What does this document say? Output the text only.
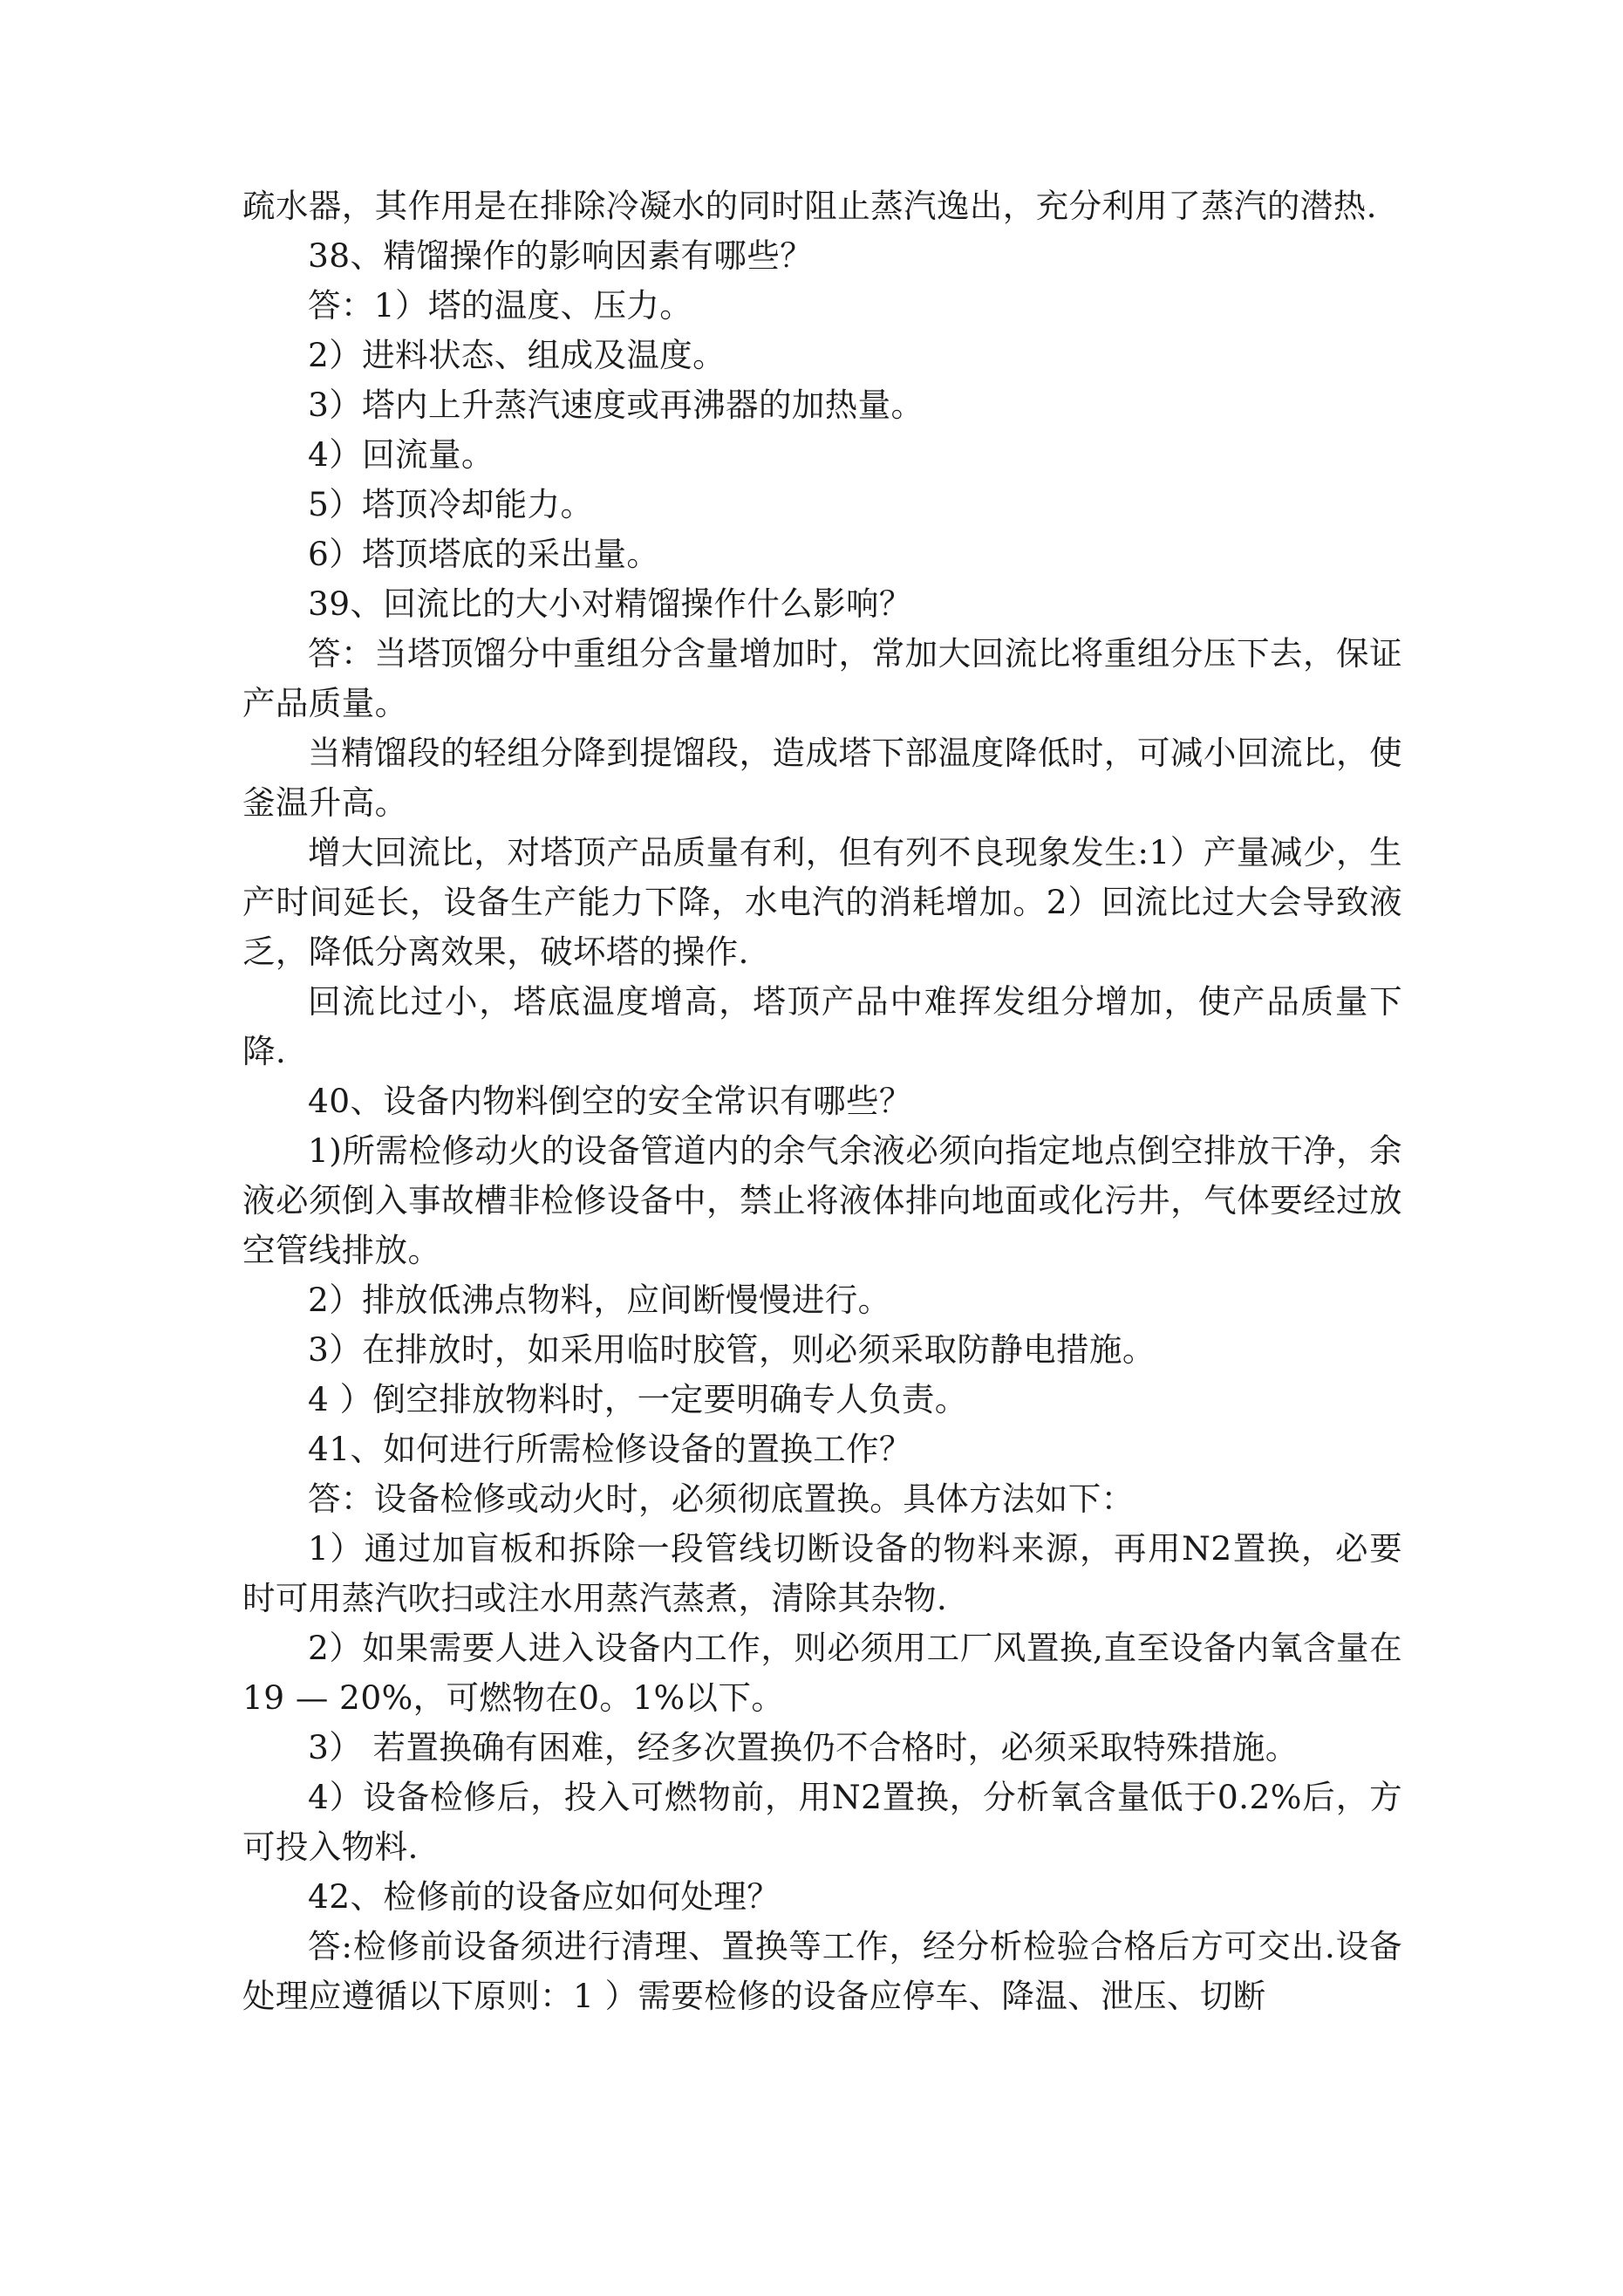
疏水器，其作用是在排除冷凝水的同时阻止蒸汽逸出，充分利用了蒸汽的潜热.

38、精馏操作的影响因素有哪些？

答：1）塔的温度、压力。

2）进料状态、组成及温度。

3）塔内上升蒸汽速度或再沸器的加热量。

4）回流量。

5）塔顶冷却能力。

6）塔顶塔底的采出量。

39、回流比的大小对精馏操作什么影响？

答：当塔顶馏分中重组分含量增加时，常加大回流比将重组分压下去，保证产品质量。

当精馏段的轻组分降到提馏段，造成塔下部温度降低时，可减小回流比，使釜温升高。

增大回流比，对塔顶产品质量有利，但有列不良现象发生:1）产量减少，生产时间延长，设备生产能力下降，水电汽的消耗增加。2）回流比过大会导致液乏，降低分离效果，破坏塔的操作.

回流比过小，塔底温度增高，塔顶产品中难挥发组分增加，使产品质量下降.

40、设备内物料倒空的安全常识有哪些？

1)所需检修动火的设备管道内的余气余液必须向指定地点倒空排放干净，余液必须倒入事故槽非检修设备中，禁止将液体排向地面或化污井，气体要经过放空管线排放。

2）排放低沸点物料，应间断慢慢进行。

3）在排放时，如采用临时胶管，则必须采取防静电措施。

4 ）倒空排放物料时，一定要明确专人负责。

41、如何进行所需检修设备的置换工作？

答：设备检修或动火时，必须彻底置换。具体方法如下：

1）通过加盲板和拆除一段管线切断设备的物料来源，再用N2置换，必要时可用蒸汽吹扫或注水用蒸汽蒸煮，清除其杂物.

2）如果需要人进入设备内工作，则必须用工厂风置换,直至设备内氧含量在19 — 20%，可燃物在0。1%以下。

3） 若置换确有困难，经多次置换仍不合格时，必须采取特殊措施。

4）设备检修后，投入可燃物前，用N2置换，分析氧含量低于0.2%后，方可投入物料.

42、检修前的设备应如何处理？

答:检修前设备须进行清理、置换等工作，经分析检验合格后方可交出.设备处理应遵循以下原则：1 ）需要检修的设备应停车、降温、泄压、切断
